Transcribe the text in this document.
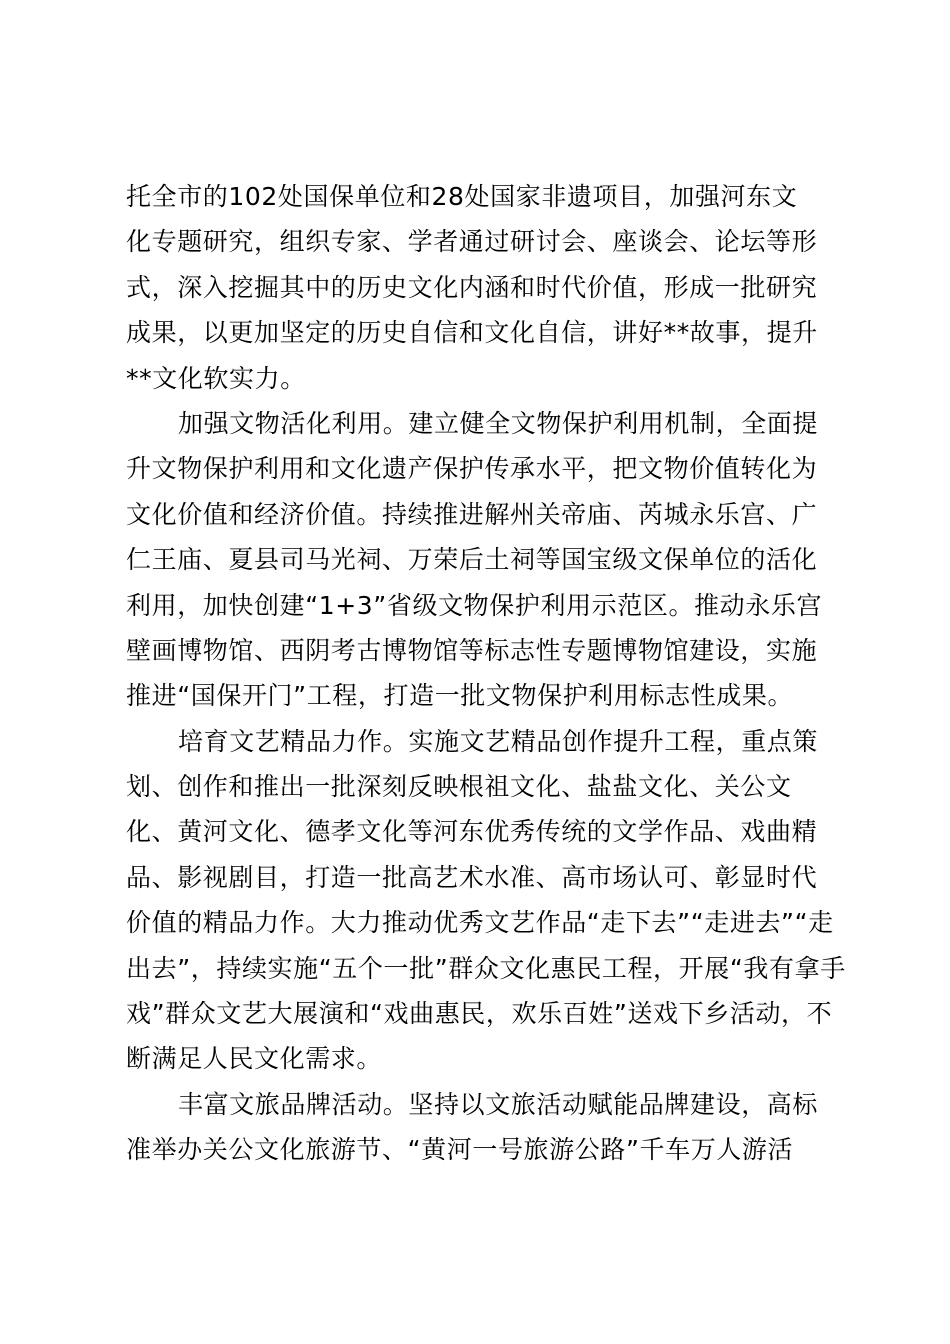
托全市的102处国保单位和28处国家非遗项目，加强河东文
化专题研究，组织专家、学者通过研讨会、座谈会、论坛等形
式，深入挖掘其中的历史文化内涵和时代价值，形成一批研究
成果，以更加坚定的历史自信和文化自信，讲好**故事，提升
**文化软实力。
加强文物活化利用。建立健全文物保护利用机制，全面提
升文物保护利用和文化遗产保护传承水平，把文物价值转化为
文化价值和经济价值。持续推进解州关帝庙、芮城永乐宫、广
仁王庙、夏县司马光祠、万荣后土祠等国宝级文保单位的活化
利用，加快创建“1+3”省级文物保护利用示范区。推动永乐宫
壁画博物馆、西阴考古博物馆等标志性专题博物馆建设，实施
推进“国保开门”工程，打造一批文物保护利用标志性成果。
培育文艺精品力作。实施文艺精品创作提升工程，重点策
划、创作和推出一批深刻反映根祖文化、盐盐文化、关公文
化、黄河文化、德孝文化等河东优秀传统的文学作品、戏曲精
品、影视剧目，打造一批高艺术水准、高市场认可、彰显时代
价值的精品力作。大力推动优秀文艺作品“走下去”“走进去”“走
出去”，持续实施“五个一批”群众文化惠民工程，开展“我有拿手
戏”群众文艺大展演和“戏曲惠民，欢乐百姓”送戏下乡活动，不
断满足人民文化需求。
丰富文旅品牌活动。坚持以文旅活动赋能品牌建设，高标
准举办关公文化旅游节、“黄河一号旅游公路”千车万人游活
